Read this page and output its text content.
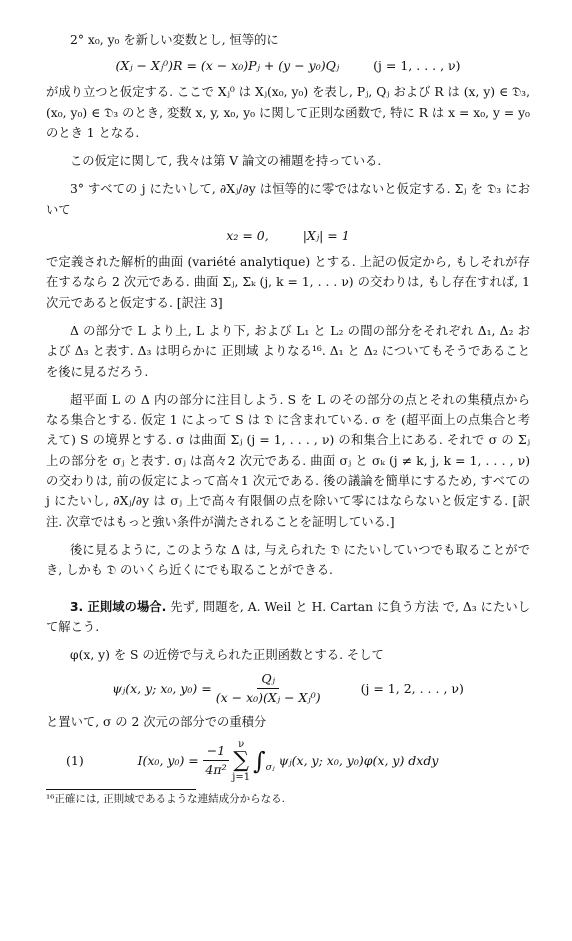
2° x₀, y₀ を新しい変数とし, 恒等的に

(Xⱼ − Xⱼ⁰)R = (x − x₀)Pⱼ + (y − y₀)Qⱼ	(j = 1, . . . , ν)

が成り立つと仮定する. ここで Xⱼ⁰ は Xⱼ(x₀, y₀) を表し, Pⱼ, Qⱼ および R は (x, y) ∈ 𝔇₃, (x₀, y₀) ∈ 𝔇₃ のとき, 変数 x, y, x₀, y₀ に関して正則な函数で, 特に R は x = x₀, y = y₀ のとき 1 となる.

この仮定に関して, 我々は第 V 論文の補題を持っている.

3° すべての j にたいして, ∂Xⱼ/∂y は恒等的に零ではないと仮定する. Σⱼ を 𝔇₃ において

x₂ = 0,	|Xⱼ| = 1

で定義された解析的曲面 (variété analytique) とする. 上記の仮定から, もしそれが存在するなら 2 次元である. 曲面 Σⱼ, Σₖ (j, k = 1, . . . ν) の交わりは, もし存在すれば, 1 次元であると仮定する. [訳注 3]

Δ の部分で L より上, L より下, および L₁ と L₂ の間の部分をそれぞれ Δ₁, Δ₂ および Δ₃ と表す. Δ₃ は明らかに 正則域 よりなる¹⁶. Δ₁ と Δ₂ についてもそうであることを後に見るだろう.

超平面 L の Δ 内の部分に注目しよう. S を L のその部分の点とそれの集積点からなる集合とする. 仮定 1 によって S は 𝔇 に含まれている. σ を (超平面上の点集合と考えて) S の境界とする. σ は曲面 Σⱼ (j = 1, . . . , ν) の和集合上にある. それで σ の Σⱼ 上の部分を σⱼ と表す. σⱼ は高々2 次元である. 曲面 σⱼ と σₖ (j ≠ k, j, k = 1, . . . , ν) の交わりは, 前の仮定によって高々1 次元である. 後の議論を簡単にするため, すべての j にたいし, ∂Xⱼ/∂y は σⱼ 上で高々有限個の点を除いて零にはならないと仮定する. [訳注. 次章ではもっと強い条件が満たされることを証明している.]

後に見るように, このような Δ は, 与えられた 𝔇 にたいしていつでも取ることができ, しかも 𝔇 のいくら近くにでも取ることができる.

3. 正則域の場合. 先ず, 問題を, A. Weil と H. Cartan に負う方法 で, Δ₃ にたいして解こう.

φ(x, y) を S の近傍で与えられた正則函数とする. そして

ψⱼ(x, y; x₀, $y_0) = \frac{\text{Qⱼ}}{\text{(x − x₀)(Xⱼ − Xⱼ⁰)}}$	(j = 1, 2, . . . , ν)

と置いて, σ の 2 次元の部分での重積分

(1)	I(x₀, $y_0) = \frac{-1}{\text{4π²}}$ ν
∑
j=1
∫ σⱼ ψⱼ(x, y; x₀, y₀)φ(x, y) dxdy

¹⁶正確には, 正則域であるような連結成分からなる.
